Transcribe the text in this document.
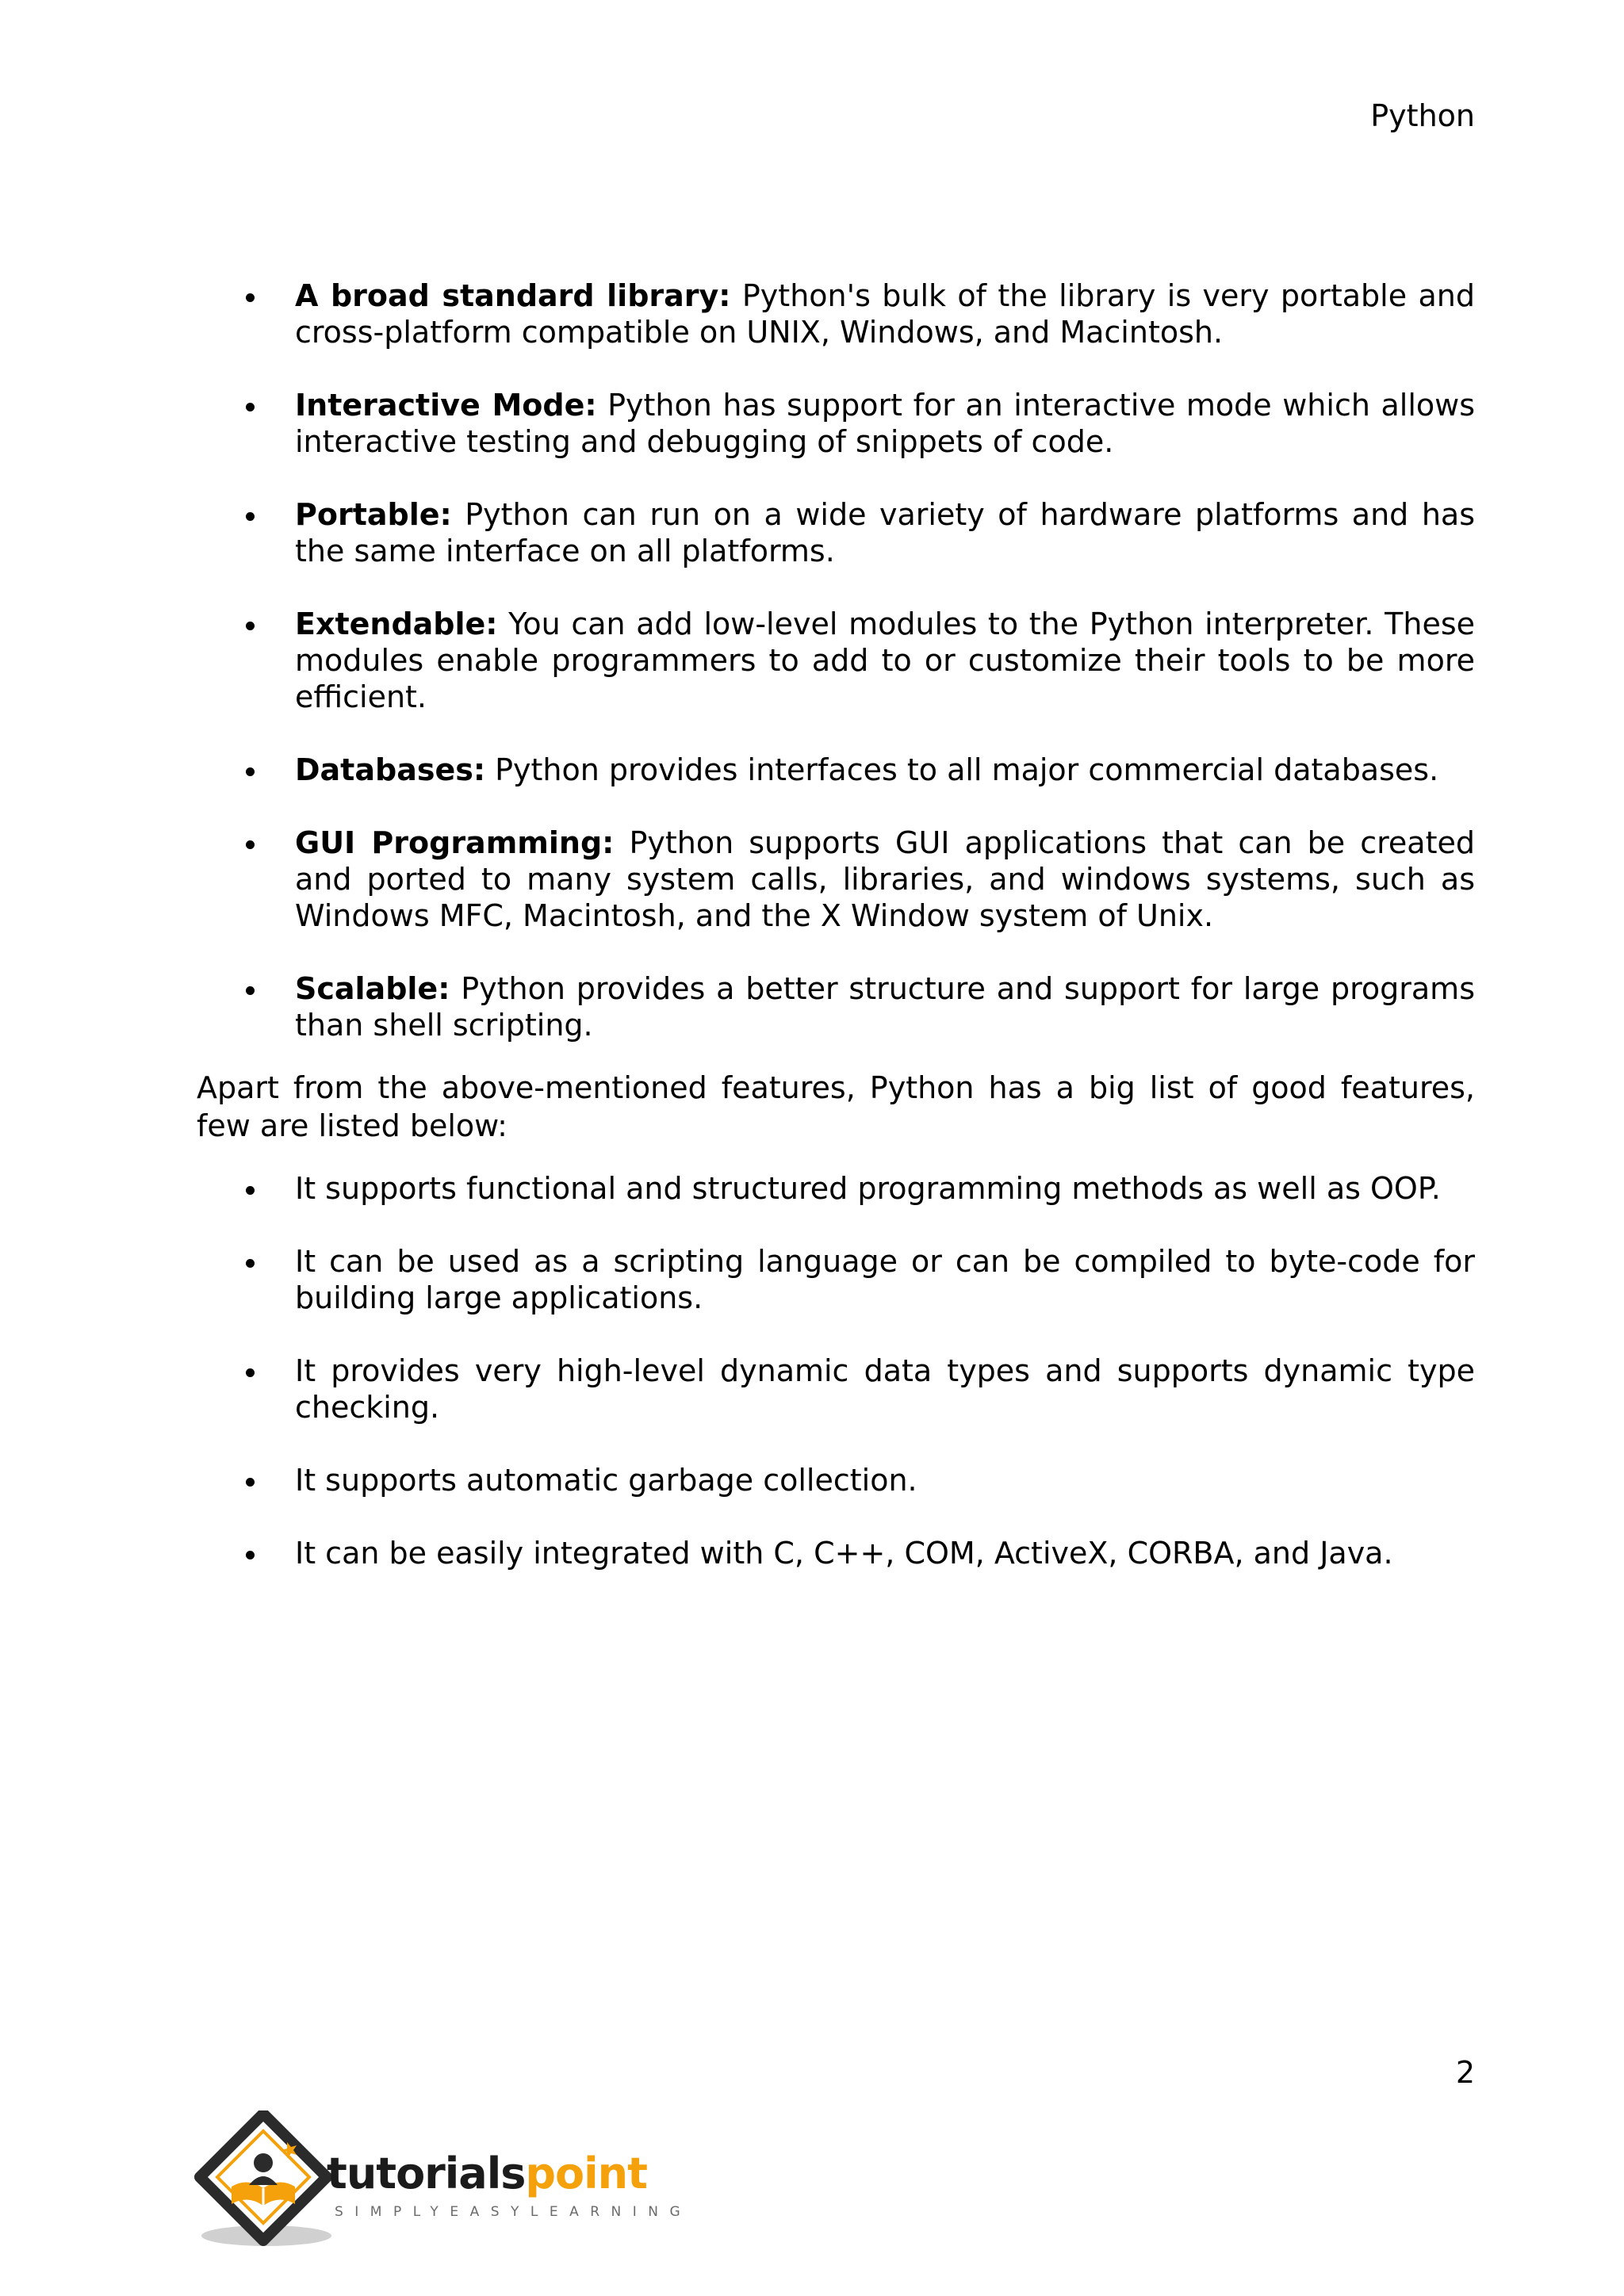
Python
A broad standard library: Python's bulk of the library is very portable and cross-platform compatible on UNIX, Windows, and Macintosh.
Interactive Mode: Python has support for an interactive mode which allows interactive testing and debugging of snippets of code.
Portable: Python can run on a wide variety of hardware platforms and has the same interface on all platforms.
Extendable: You can add low-level modules to the Python interpreter. These modules enable programmers to add to or customize their tools to be more efficient.
Databases: Python provides interfaces to all major commercial databases.
GUI Programming: Python supports GUI applications that can be created and ported to many system calls, libraries, and windows systems, such as Windows MFC, Macintosh, and the X Window system of Unix.
Scalable: Python provides a better structure and support for large programs than shell scripting.

Apart from the above-mentioned features, Python has a big list of good features, few are listed below:

It supports functional and structured programming methods as well as OOP.
It can be used as a scripting language or can be compiled to byte-code for building large applications.
It provides very high-level dynamic data types and supports dynamic type checking.
It supports automatic garbage collection.
It can be easily integrated with C, C++, COM, ActiveX, CORBA, and Java.
2
tutorialspoint
SIMPLYEASYLEARNING
